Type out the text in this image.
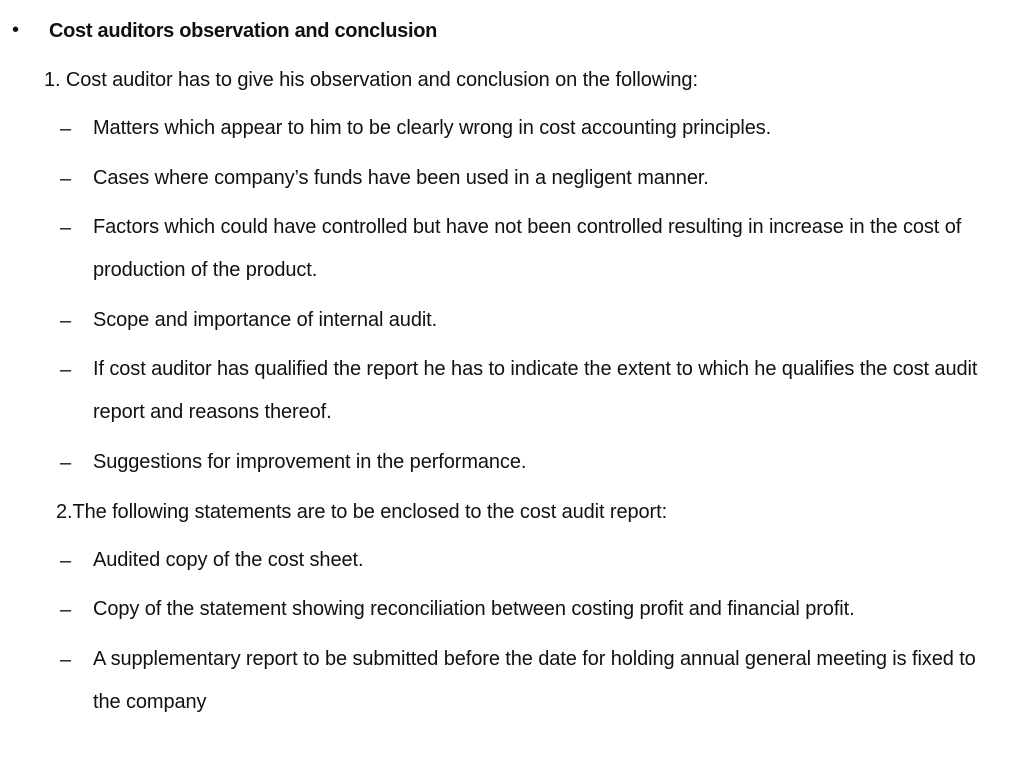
• Cost auditors observation and conclusion
1. Cost auditor has to give his observation and conclusion on the following:
– Matters which appear to him to be clearly wrong in cost accounting principles.
– Cases where company’s funds have been used in a negligent manner.
– Factors which could have controlled but have not been controlled resulting in increase in the cost of production of the product.
– Scope and importance of internal audit.
– If cost auditor has qualified the report he has to indicate the extent to which he qualifies the cost audit report and reasons thereof.
– Suggestions for improvement in the performance.
2.The following statements are to be enclosed to the cost audit report:
– Audited copy of the cost sheet.
– Copy of the statement showing reconciliation between costing profit and financial profit.
– A supplementary report to be submitted before the date for holding annual general meeting is fixed to the company
